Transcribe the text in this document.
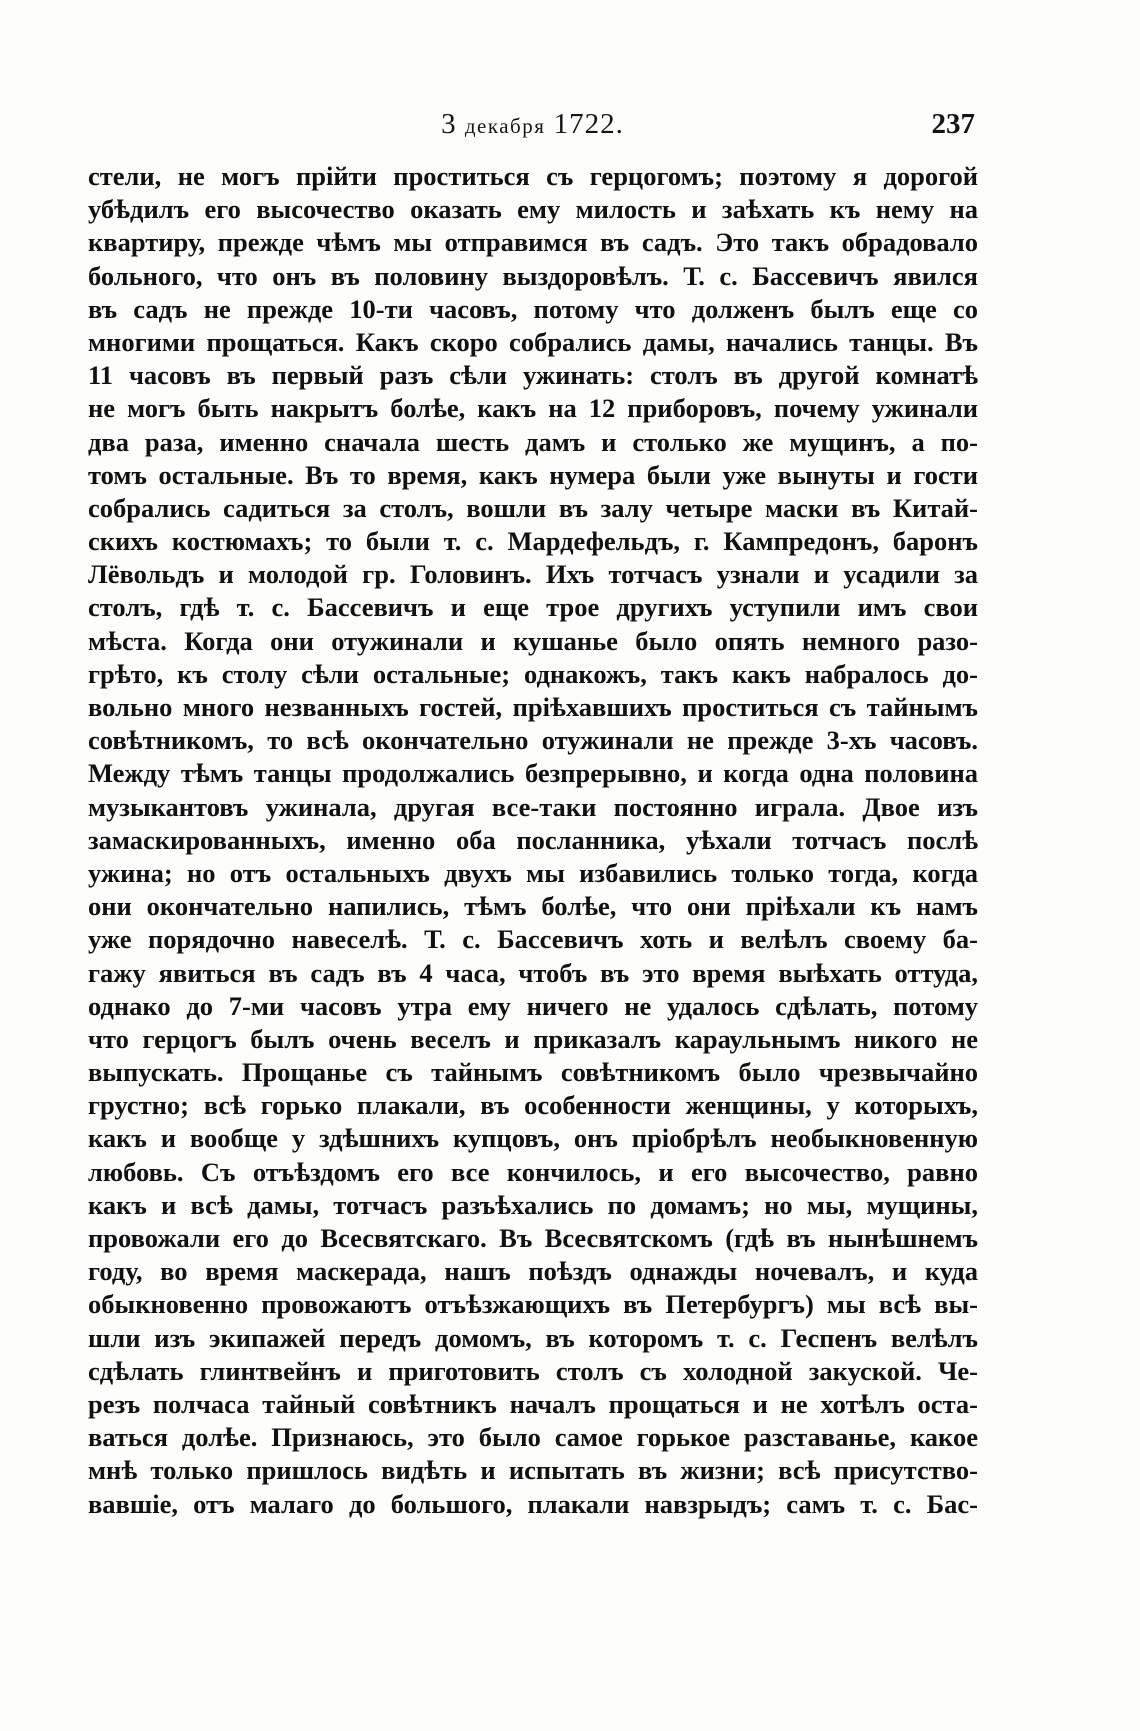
3 декабря 1722.	237
стели, не могъ прійти проститься съ герцогомъ; поэтому я дорогой
убѣдилъ его высочество оказать ему милость и заѣхать къ нему на
квартиру, прежде чѣмъ мы отправимся въ садъ. Это такъ обрадовало
больного, что онъ въ половину выздоровѣлъ. Т. с. Бассевичъ явился
въ садъ не прежде 10-ти часовъ, потому что долженъ былъ еще со
многими прощаться. Какъ скоро собрались дамы, начались танцы. Въ
11 часовъ въ первый разъ сѣли ужинать: столъ въ другой комнатѣ
не могъ быть накрытъ болѣе, какъ на 12 приборовъ, почему ужинали
два раза, именно сначала шесть дамъ и столько же мущинъ, а по-
томъ остальные. Въ то время, какъ нумера были уже вынуты и гости
собрались садиться за столъ, вошли въ залу четыре маски въ Китай-
скихъ костюмахъ; то были т. с. Мардефельдъ, г. Кампредонъ, баронъ
Лёвольдъ и молодой гр. Головинъ. Ихъ тотчасъ узнали и усадили за
столъ, гдѣ т. с. Бассевичъ и еще трое другихъ уступили имъ свои
мѣста. Когда они отужинали и кушанье было опять немного разо-
грѣто, къ столу сѣли остальные; однакожъ, такъ какъ набралось до-
вольно много незванныхъ гостей, пріѣхавшихъ проститься съ тайнымъ
совѣтникомъ, то всѣ окончательно отужинали не прежде 3-хъ часовъ.
Между тѣмъ танцы продолжались безпрерывно, и когда одна половина
музыкантовъ ужинала, другая все-таки постоянно играла. Двое изъ
замаскированныхъ, именно оба посланника, уѣхали тотчасъ послѣ
ужина; но отъ остальныхъ двухъ мы избавились только тогда, когда
они окончательно напились, тѣмъ болѣе, что они пріѣхали къ намъ
уже порядочно навеселѣ. Т. с. Бассевичъ хоть и велѣлъ своему ба-
гажу явиться въ садъ въ 4 часа, чтобъ въ это время выѣхать оттуда,
однако до 7-ми часовъ утра ему ничего не удалось сдѣлать, потому
что герцогъ былъ очень веселъ и приказалъ караульнымъ никого не
выпускать. Прощанье съ тайнымъ совѣтникомъ было чрезвычайно
грустно; всѣ горько плакали, въ особенности женщины, у которыхъ,
какъ и вообще у здѣшнихъ купцовъ, онъ пріобрѣлъ необыкновенную
любовь. Съ отъѣздомъ его все кончилось, и его высочество, равно
какъ и всѣ дамы, тотчасъ разъѣхались по домамъ; но мы, мущины,
провожали его до Всесвятскаго. Въ Всесвятскомъ (гдѣ въ нынѣшнемъ
году, во время маскерада, нашъ поѣздъ однажды ночевалъ, и куда
обыкновенно провожаютъ отъѣзжающихъ въ Петербургъ) мы всѣ вы-
шли изъ экипажей передъ домомъ, въ которомъ т. с. Геспенъ велѣлъ
сдѣлать глинтвейнъ и приготовить столъ съ холодной закуской. Че-
резъ полчаса тайный совѣтникъ началъ прощаться и не хотѣлъ оста-
ваться долѣе. Признаюсь, это было самое горькое разставанье, какое
мнѣ только пришлось видѣть и испытать въ жизни; всѣ присутство-
вавшіе, отъ малаго до большого, плакали навзрыдъ; самъ т. с. Бас-
